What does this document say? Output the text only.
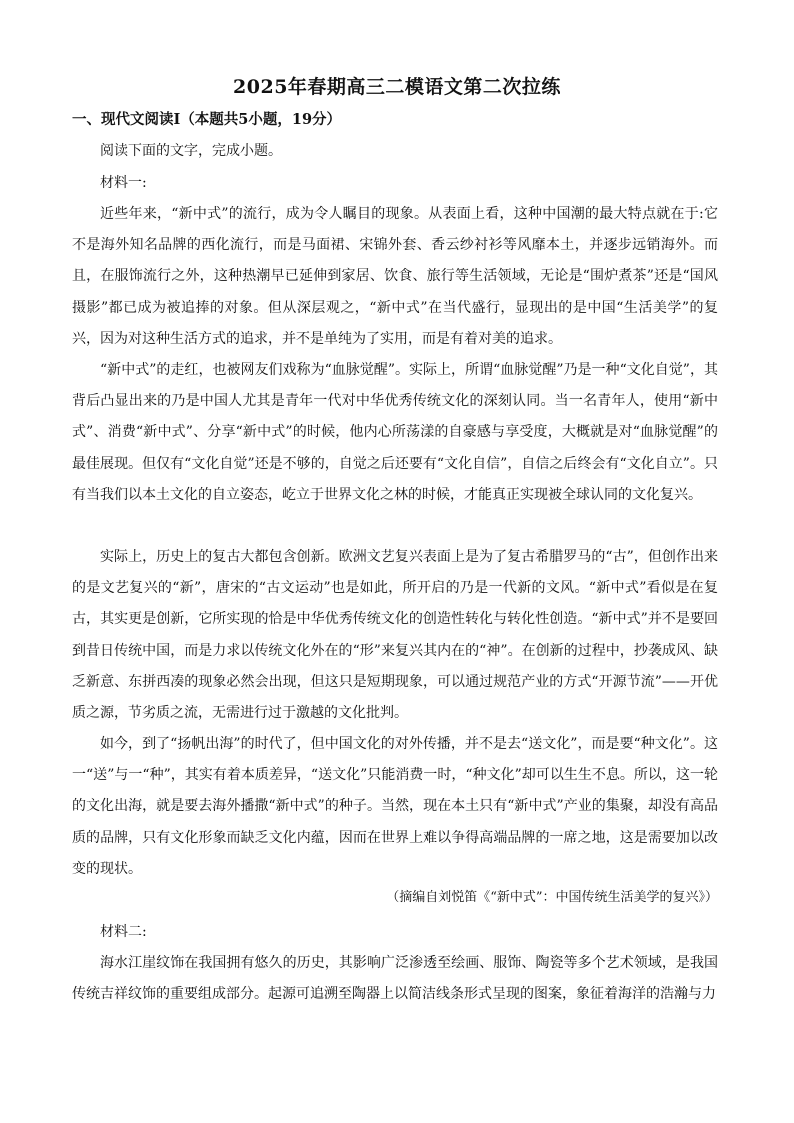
2025年春期高三二模语文第二次拉练
一、现代文阅读Ⅰ（本题共5小题，19分）

阅读下面的文字，完成小题。

材料一:

近些年来，“新中式”的流行，成为令人瞩目的现象。从表面上看，这种中国潮的最大特点就在于:它不是海外知名品牌的西化流行，而是马面裙、宋锦外套、香云纱衬衫等风靡本土，并逐步远销海外。而且，在服饰流行之外，这种热潮早已延伸到家居、饮食、旅行等生活领域，无论是“围炉煮茶”还是“国风摄影”都已成为被追捧的对象。但从深层观之，“新中式”在当代盛行，显现出的是中国“生活美学”的复兴，因为对这种生活方式的追求，并不是单纯为了实用，而是有着对美的追求。

“新中式”的走红，也被网友们戏称为“血脉觉醒”。实际上，所谓“血脉觉醒”乃是一种“文化自觉”，其背后凸显出来的乃是中国人尤其是青年一代对中华优秀传统文化的深刻认同。当一名青年人，使用“新中式”、消费“新中式”、分享“新中式”的时候，他内心所荡漾的自豪感与享受度，大概就是对“血脉觉醒”的最佳展现。但仅有“文化自觉”还是不够的，自觉之后还要有“文化自信”，自信之后终会有“文化自立”。只有当我们以本土文化的自立姿态，屹立于世界文化之林的时候，才能真正实现被全球认同的文化复兴。

实际上，历史上的复古大都包含创新。欧洲文艺复兴表面上是为了复古希腊罗马的“古”，但创作出来的是文艺复兴的“新”，唐宋的“古文运动”也是如此，所开启的乃是一代新的文风。“新中式”看似是在复古，其实更是创新，它所实现的恰是中华优秀传统文化的创造性转化与转化性创造。“新中式”并不是要回到昔日传统中国，而是力求以传统文化外在的“形”来复兴其内在的“神”。在创新的过程中，抄袭成风、缺乏新意、东拼西凑的现象必然会出现，但这只是短期现象，可以通过规范产业的方式“开源节流”——开优质之源，节劣质之流，无需进行过于激越的文化批判。

如今，到了“扬帆出海”的时代了，但中国文化的对外传播，并不是去“送文化”，而是要“种文化”。这一“送”与一“种”，其实有着本质差异，“送文化”只能消费一时，“种文化”却可以生生不息。所以，这一轮的文化出海，就是要去海外播撒“新中式”的种子。当然，现在本土只有“新中式”产业的集聚，却没有高品质的品牌，只有文化形象而缺乏文化内蕴，因而在世界上难以争得高端品牌的一席之地，这是需要加以改变的现状。

（摘编自刘悦笛《“新中式”：中国传统生活美学的复兴》）

材料二:

海水江崖纹饰在我国拥有悠久的历史，其影响广泛渗透至绘画、服饰、陶瓷等多个艺术领域，是我国传统吉祥纹饰的重要组成部分。起源可追溯至陶器上以简洁线条形式呈现的图案，象征着海洋的浩瀚与力
